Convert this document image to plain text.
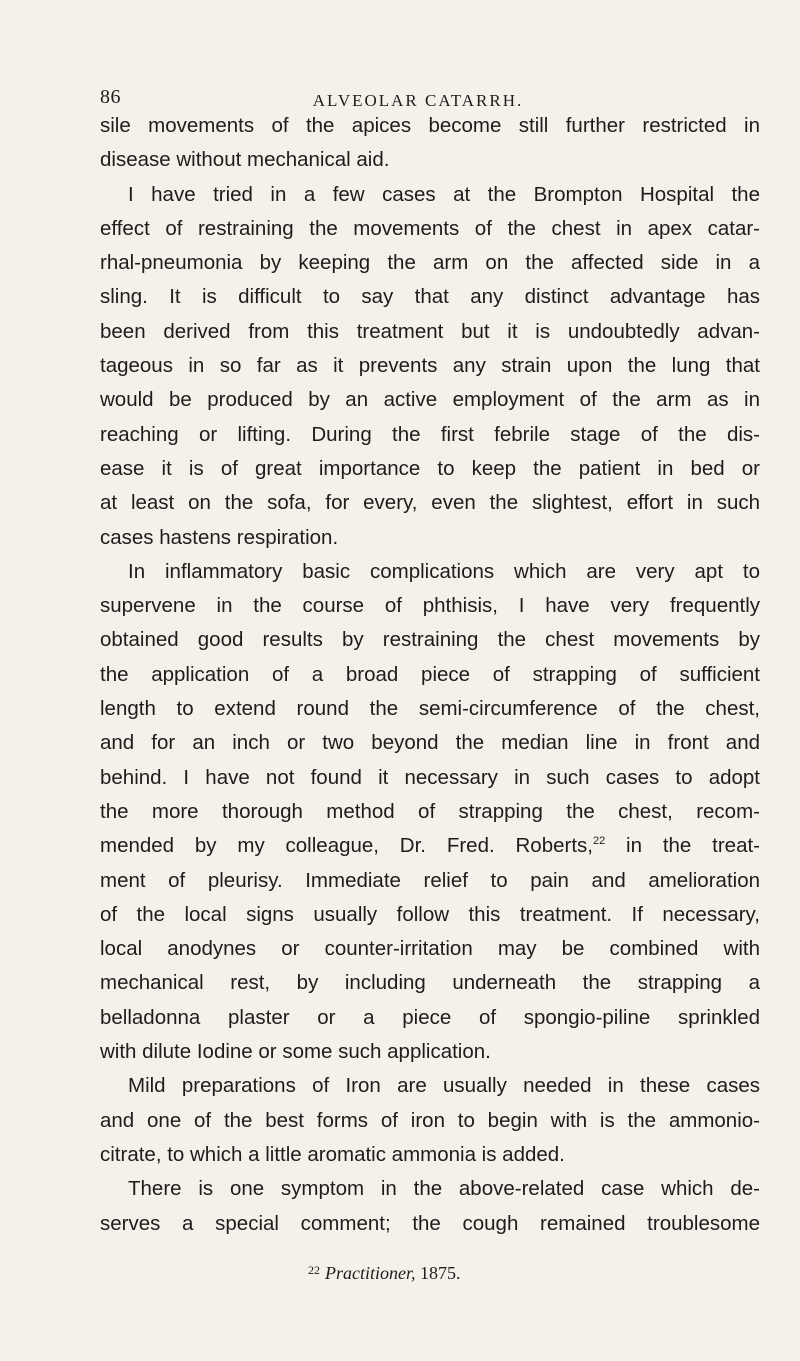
86	ALVEOLAR CATARRH.
sile movements of the apices become still further restricted in
disease without mechanical aid.
I have tried in a few cases at the Brompton Hospital the
effect of restraining the movements of the chest in apex catar-
rhal-pneumonia by keeping the arm on the affected side in a
sling. It is difficult to say that any distinct advantage has
been derived from this treatment but it is undoubtedly advan-
tageous in so far as it prevents any strain upon the lung that
would be produced by an active employment of the arm as in
reaching or lifting. During the first febrile stage of the dis-
ease it is of great importance to keep the patient in bed or
at least on the sofa, for every, even the slightest, effort in such
cases hastens respiration.
In inflammatory basic complications which are very apt to
supervene in the course of phthisis, I have very frequently
obtained good results by restraining the chest movements by
the application of a broad piece of strapping of sufficient
length to extend round the semi-circumference of the chest,
and for an inch or two beyond the median line in front and
behind. I have not found it necessary in such cases to adopt
the more thorough method of strapping the chest, recom-
mended by my colleague, Dr. Fred. Roberts,$^{22}$ in the treat-
ment of pleurisy. Immediate relief to pain and amelioration
of the local signs usually follow this treatment. If necessary,
local anodynes or counter-irritation may be combined with
mechanical rest, by including underneath the strapping a
belladonna plaster or a piece of spongio-piline sprinkled
with dilute Iodine or some such application.
Mild preparations of Iron are usually needed in these cases
and one of the best forms of iron to begin with is the ammonio-
citrate, to which a little aromatic ammonia is added.
There is one symptom in the above-related case which de-
serves a special comment; the cough remained troublesome
$^{22}$ Practitioner, 1875.
